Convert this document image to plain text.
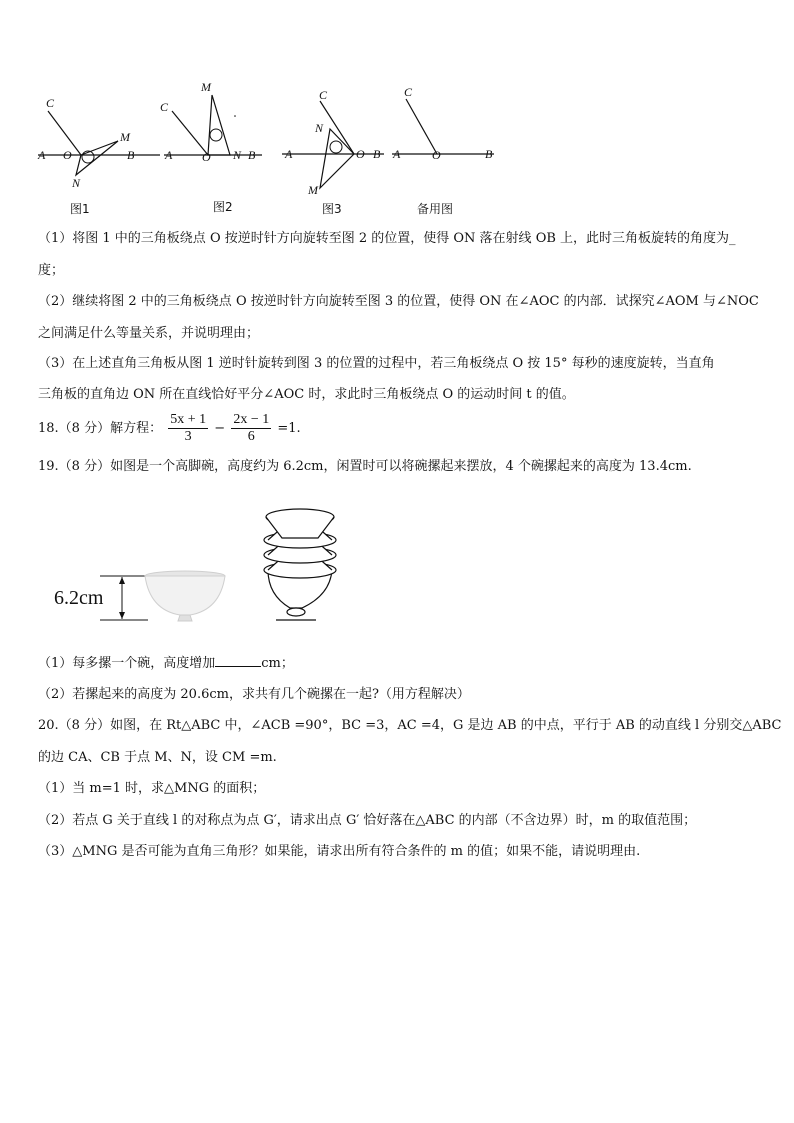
A O	B
C
M
N
图1
A O N B
C
M
图2
A	O B
C
N
M
图3
A	O	B
C
备用图
（1）将图 1 中的三角板绕点 O 按逆时针方向旋转至图 2 的位置，使得 ON 落在射线 OB 上，此时三角板旋转的角度为_
度；
（2）继续将图 2 中的三角板绕点 O 按逆时针方向旋转至图 3 的位置，使得 ON 在∠AOC 的内部．试探究∠AOM 与∠NOC
之间满足什么等量关系，并说明理由；
（3）在上述直角三角板从图 1 逆时针旋转到图 3 的位置的过程中，若三角板绕点 O 按 15° 每秒的速度旋转，当直角
三角板的直角边 ON 所在直线恰好平分∠AOC 时，求此时三角板绕点 O 的运动时间 t 的值。
18.（8 分）解方程： $\frac{5x + 1}{3} - \frac{2x - 1}{6} =1$.
19.（8 分）如图是一个高脚碗，高度约为 6.2cm，闲置时可以将碗摞起来摆放，4 个碗摞起来的高度为 13.4cm.
6.2cm
（1）每多摞一个碗，高度增加	cm；
（2）若摞起来的高度为 20.6cm，求共有几个碗摞在一起?（用方程解决）
20.（8 分）如图，在 Rt△ABC 中，∠ACB =90°，BC =3，AC =4，G 是边 AB 的中点，平行于 AB 的动直线 l 分别交△ABC
的边 CA、CB 于点 M、N，设 CM =m.
（1）当 m=1 时，求△MNG 的面积；
（2）若点 G 关于直线 l 的对称点为点 G′，请求出点 G′ 恰好落在△ABC 的内部（不含边界）时，m 的取值范围；
（3）△MNG 是否可能为直角三角形？如果能，请求出所有符合条件的 m 的值；如果不能，请说明理由.
